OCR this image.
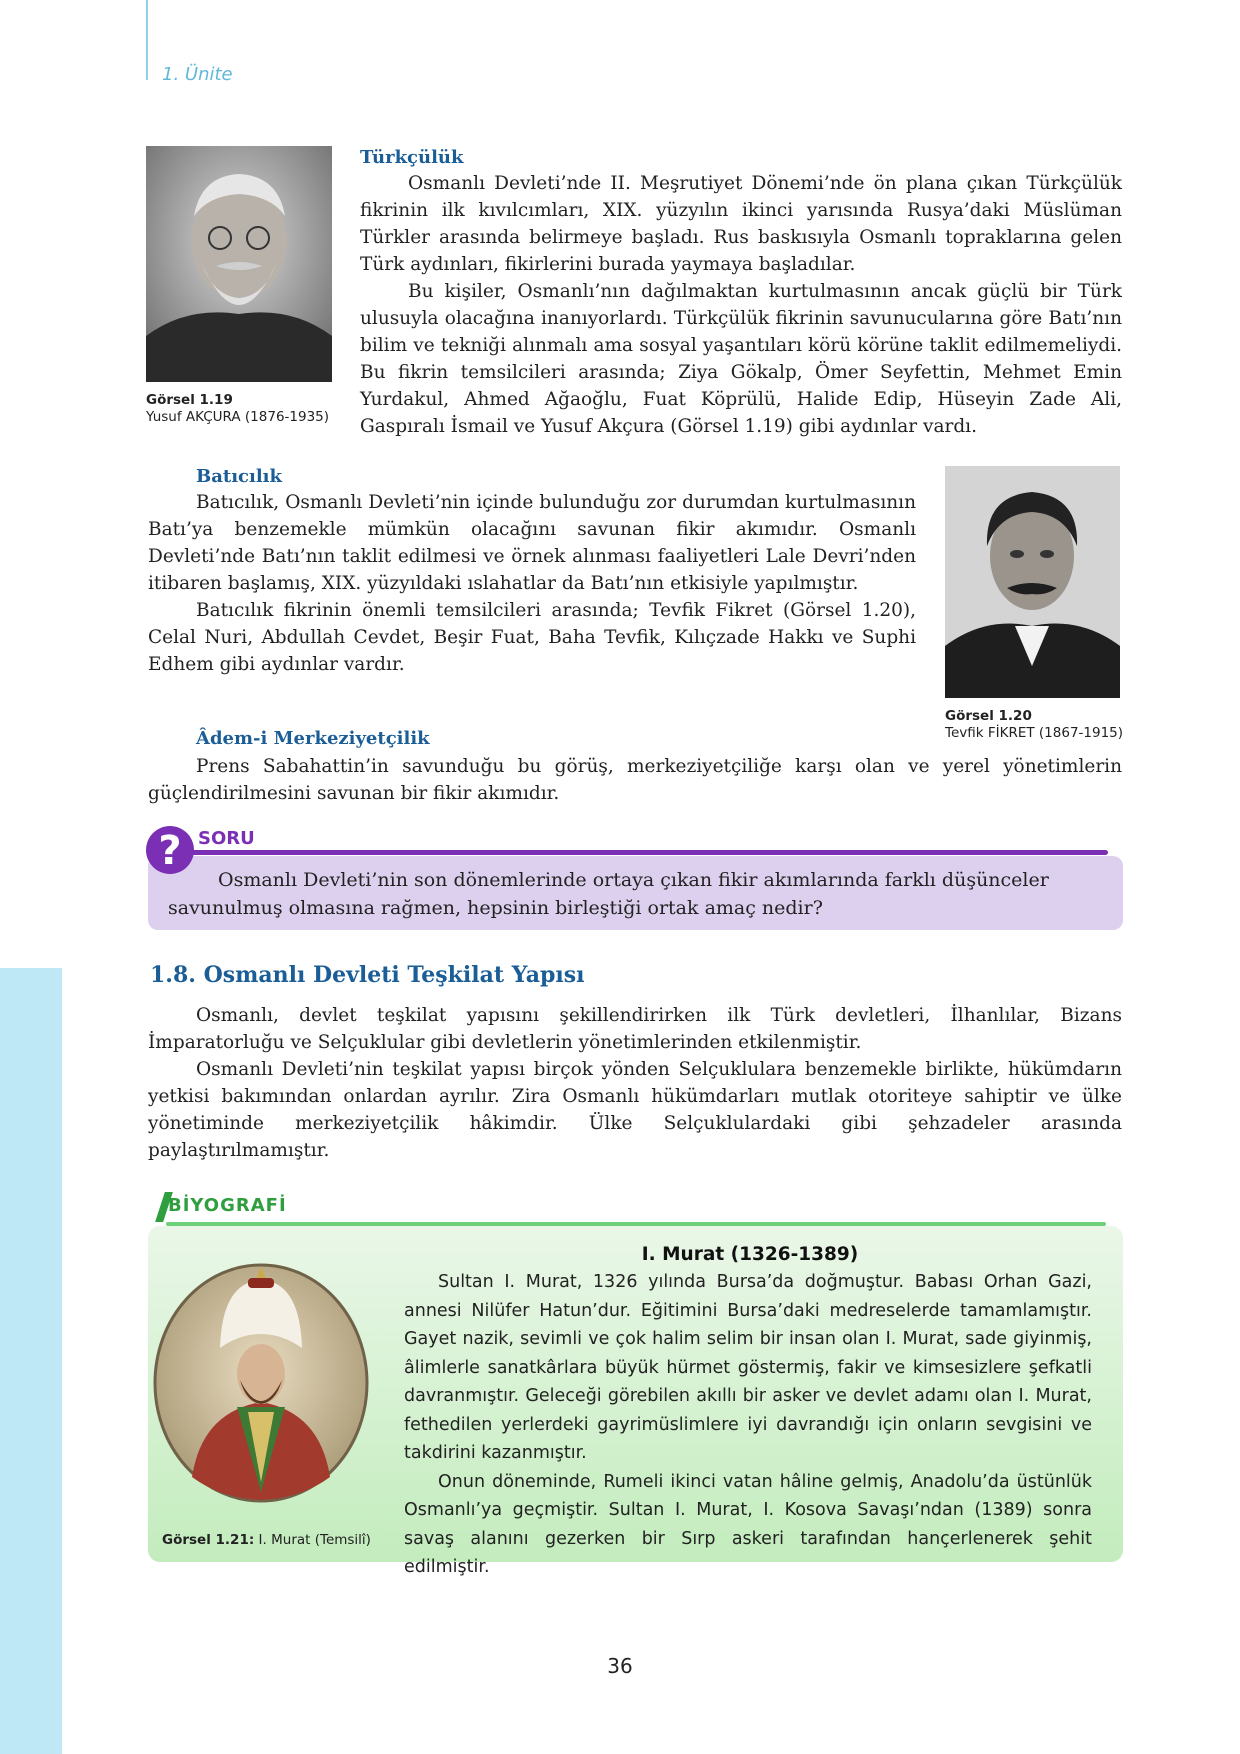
1. Ünite
Görsel 1.19
Yusuf AKÇURA (1876-1935)
Türkçülük

Osmanlı Devleti’nde II. Meşrutiyet Dönemi’nde ön plana çıkan Türkçülük fikrinin ilk kıvılcımları, XIX. yüzyılın ikinci yarısında Rusya’daki Müslüman Türkler arasında belirmeye başladı. Rus baskısıyla Osmanlı topraklarına gelen Türk aydınları, fikirlerini burada yaymaya başladılar.

Bu kişiler, Osmanlı’nın dağılmaktan kurtulmasının ancak güçlü bir Türk ulusuyla olacağına inanıyorlardı. Türkçülük fikrinin savunucularına göre Batı’nın bilim ve tekniği alınmalı ama sosyal yaşantıları körü körüne taklit edilmemeliydi. Bu fikrin temsilcileri arasında; Ziya Gökalp, Ömer Seyfettin, Mehmet Emin Yurdakul, Ahmed Ağaoğlu, Fuat Köprülü, Halide Edip, Hüseyin Zade Ali, Gaspıralı İsmail ve Yusuf Akçura (Görsel 1.19) gibi aydınlar vardı.

Batıcılık

Batıcılık, Osmanlı Devleti’nin içinde bulunduğu zor durumdan kurtulmasının Batı’ya benzemekle mümkün olacağını savunan fikir akımıdır. Osmanlı Devleti’nde Batı’nın taklit edilmesi ve örnek alınması faaliyetleri Lale Devri’nden itibaren başlamış, XIX. yüzyıldaki ıslahatlar da Batı’nın etkisiyle yapılmıştır.

Batıcılık fikrinin önemli temsilcileri arasında; Tevfik Fikret (Görsel 1.20), Celal Nuri, Abdullah Cevdet, Beşir Fuat, Baha Tevfik, Kılıçzade Hakkı ve Suphi Edhem gibi aydınlar vardır.

Görsel 1.20
Tevfik FİKRET (1867-1915)
Âdem-i Merkeziyetçilik

Prens Sabahattin’in savunduğu bu görüş, merkeziyetçiliğe karşı olan ve yerel yönetimlerin güçlendirilmesini savunan bir fikir akımıdır.

? SORU
Osmanlı Devleti’nin son dönemlerinde ortaya çıkan fikir akımlarında farklı düşünceler savunulmuş olmasına rağmen, hepsinin birleştiği ortak amaç nedir?
1.8. Osmanlı Devleti Teşkilat Yapısı

Osmanlı, devlet teşkilat yapısını şekillendirirken ilk Türk devletleri, İlhanlılar, Bizans İmparatorluğu ve Selçuklular gibi devletlerin yönetimlerinden etkilenmiştir.

Osmanlı Devleti’nin teşkilat yapısı birçok yönden Selçuklulara benzemekle birlikte, hükümdarın yetkisi bakımından onlardan ayrılır. Zira Osmanlı hükümdarları mutlak otoriteye sahiptir ve ülke yönetiminde merkeziyetçilik hâkimdir. Ülke Selçuklulardaki gibi şehzadeler arasında paylaştırılmamıştır.

BİYOGRAFİ
Görsel 1.21: I. Murat (Temsilî)
I. Murat (1326-1389)

Sultan I. Murat, 1326 yılında Bursa’da doğmuştur. Babası Orhan Gazi, annesi Nilüfer Hatun’dur. Eğitimini Bursa’daki medreselerde tamamlamıştır. Gayet nazik, sevimli ve çok halim selim bir insan olan I. Murat, sade giyinmiş, âlimlerle sanatkârlara büyük hürmet göstermiş, fakir ve kimsesizlere şefkatli davranmıştır. Geleceği görebilen akıllı bir asker ve devlet adamı olan I. Murat, fethedilen yerlerdeki gayrimüslimlere iyi davrandığı için onların sevgisini ve takdirini kazanmıştır.

Onun döneminde, Rumeli ikinci vatan hâline gelmiş, Anadolu’da üstünlük Osmanlı’ya geçmiştir. Sultan I. Murat, I. Kosova Savaşı’ndan (1389) sonra savaş alanını gezerken bir Sırp askeri tarafından hançerlenerek şehit edilmiştir.

36
